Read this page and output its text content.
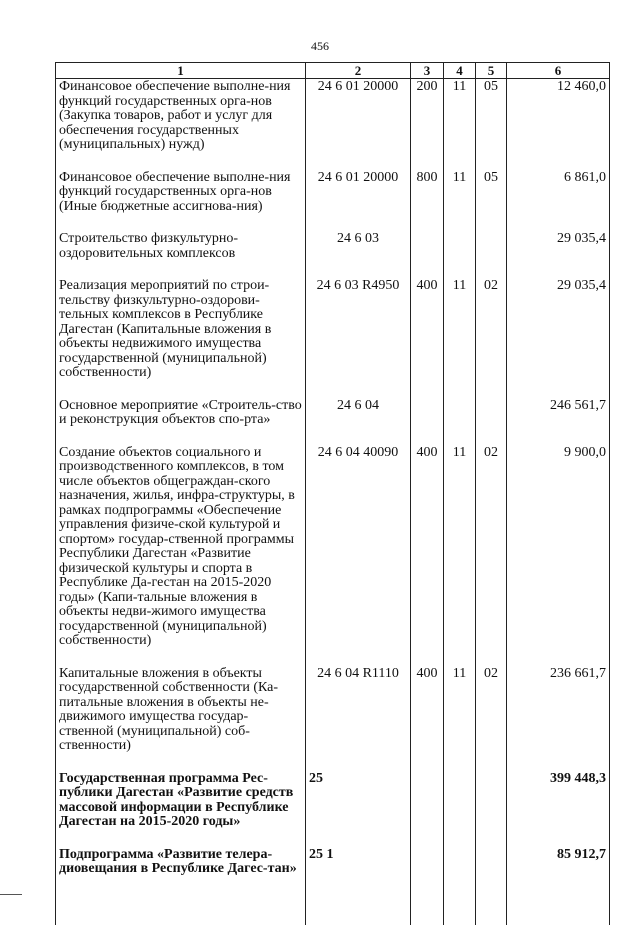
456
1	2	3	4	5	6
Финансовое обеспечение выполне-ния функций государственных орга-нов (Закупка товаров, работ и услуг для обеспечения государственных (муниципальных) нужд)	24 6 01 20000	200	11	05	12 460,0
Финансовое обеспечение выполне-ния функций государственных орга-нов (Иные бюджетные ассигнова-ния)	24 6 01 20000	800	11	05	6 861,0
Строительство физкультурно-оздоровительных комплексов	24 6 03				29 035,4
Реализация мероприятий по строи-тельству физкультурно-оздорови-тельных комплексов в Республике Дагестан (Капитальные вложения в объекты недвижимого имущества государственной (муниципальной) собственности)	24 6 03 R4950	400	11	02	29 035,4
Основное мероприятие «Строитель-ство и реконструкция объектов спо-рта»	24 6 04				246 561,7
Создание объектов социального и производственного комплексов, в том числе объектов общеграждан-ского назначения, жилья, инфра-структуры, в рамках подпрограммы «Обеспечение управления физиче-ской культурой и спортом» государ-ственной программы Республики Дагестан «Развитие физической культуры и спорта в Республике Да-гестан на 2015-2020 годы» (Капи-тальные вложения в объекты недви-жимого имущества государственной (муниципальной) собственности)	24 6 04 40090	400	11	02	9 900,0
Капитальные вложения в объекты государственной собственности (Ка-питальные вложения в объекты не-движимого имущества государ-ственной (муниципальной) соб-ственности)	24 6 04 R1110	400	11	02	236 661,7
Государственная программа Рес-публики Дагестан «Развитие средств массовой информации в Республике Дагестан на 2015-2020 годы»	25				399 448,3
Подпрограмма «Развитие телера-диовещания в Республике Дагес-тан»	25 1				85 912,7
